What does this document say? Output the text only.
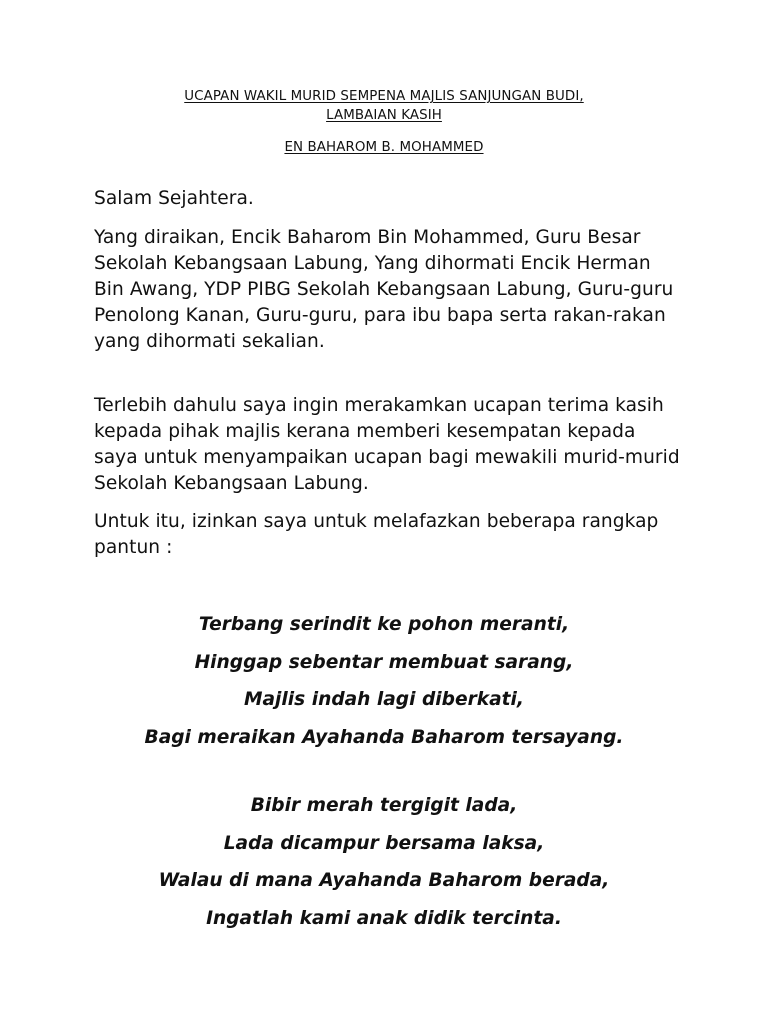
UCAPAN WAKIL MURID SEMPENA MAJLIS SANJUNGAN BUDI,
LAMBAIAN KASIH
EN BAHAROM B. MOHAMMED

Salam Sejahtera.

Yang diraikan, Encik Baharom Bin Mohammed, Guru Besar Sekolah Kebangsaan Labung, Yang dihormati Encik Herman Bin Awang, YDP PIBG Sekolah Kebangsaan Labung, Guru-guru Penolong Kanan, Guru-guru, para ibu bapa serta rakan-rakan yang dihormati sekalian.

Terlebih dahulu saya ingin merakamkan ucapan terima kasih kepada pihak majlis kerana memberi kesempatan kepada saya untuk menyampaikan ucapan bagi mewakili murid-murid Sekolah Kebangsaan Labung.

Untuk itu, izinkan saya untuk melafazkan beberapa rangkap pantun :

Terbang serindit ke pohon meranti,
Hinggap sebentar membuat sarang,
Majlis indah lagi diberkati,
Bagi meraikan Ayahanda Baharom tersayang.
Bibir merah tergigit lada,
Lada dicampur bersama laksa,
Walau di mana Ayahanda Baharom berada,
Ingatlah kami anak didik tercinta.
